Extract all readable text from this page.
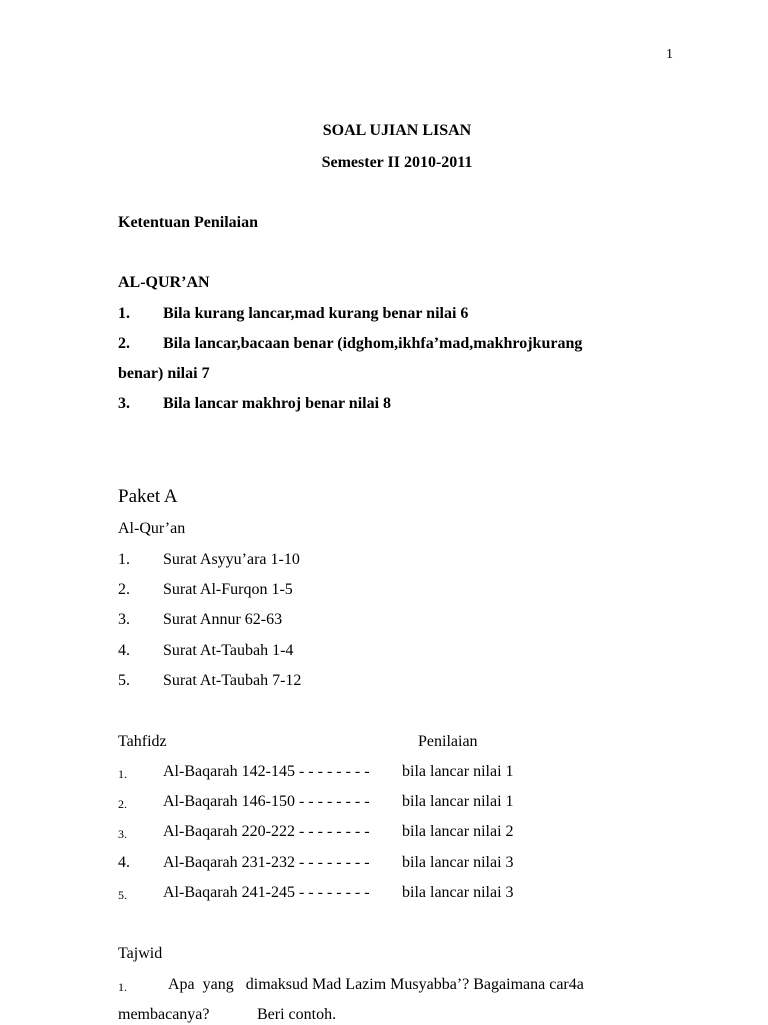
1
SOAL UJIAN LISAN
Semester II 2010-2011
Ketentuan Penilaian
AL-QUR’AN
1. Bila kurang lancar,mad kurang benar nilai 6
2. Bila lancar,bacaan benar (idghom,ikhfa’mad,makhrojkurang
benar) nilai 7
3. Bila lancar makhroj benar nilai 8
Paket A
Al-Qur’an
1. Surat Asyyu’ara 1-10
2. Surat Al-Furqon 1-5
3. Surat Annur 62-63
4. Surat At-Taubah 1-4
5. Surat At-Taubah 7-12
Tahfidz	Penilaian
1. Al-Baqarah 142-145 - - - - - - - - bila lancar nilai 1
2. Al-Baqarah 146-150 - - - - - - - - bila lancar nilai 1
3. Al-Baqarah 220-222 - - - - - - - - bila lancar nilai 2
4. Al-Baqarah 231-232 - - - - - - - - bila lancar nilai 3
5. Al-Baqarah 241-245 - - - - - - - - bila lancar nilai 3
Tajwid
1.	Apa  yang   dimaksud Mad Lazim Musyabba’? Bagaimana car4a
membacanya?	Beri contoh.
